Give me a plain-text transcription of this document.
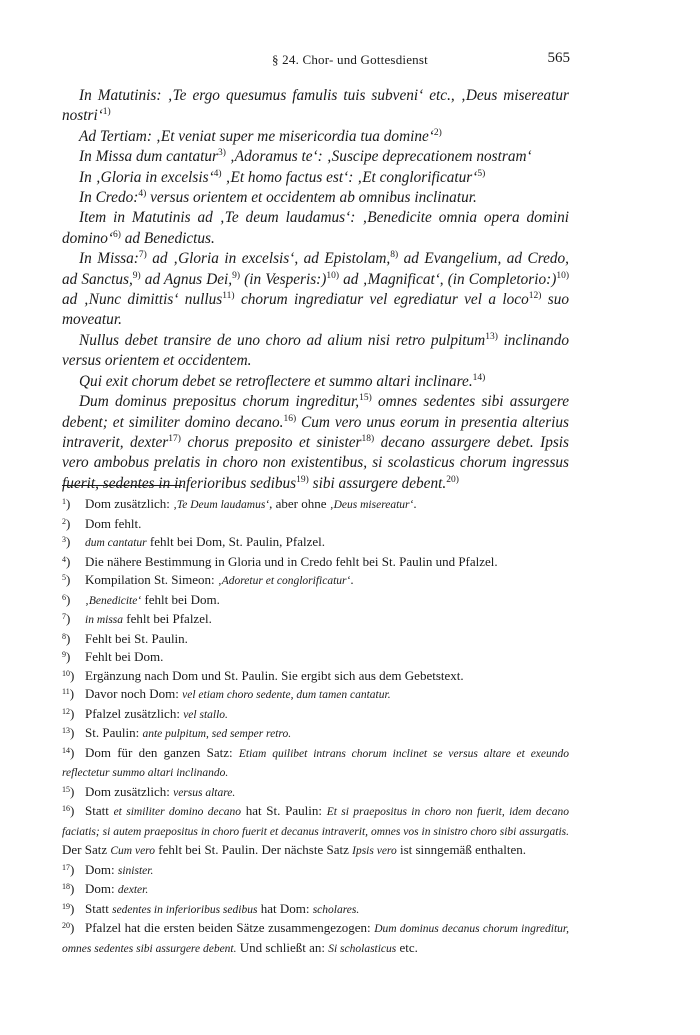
§ 24. Chor- und Gottesdienst	565

In Matutinis: ‚Te ergo quesumus famulis tuis subveni‘ etc., ‚Deus misereatur nostri‘$^{1)}$

Ad Tertiam: ‚Et veniat super me misericordia tua domine‘$^{2)}$

In Missa dum cantatur$^{3)}$ ‚Adoramus te‘: ‚Suscipe deprecationem nostram‘

In ‚Gloria in excelsis‘$^{4)}$ ‚Et homo factus est‘: ‚Et conglorificatur‘$^{5)}$

In Credo:$^{4)}$ versus orientem et occidentem ab omnibus inclinatur.

Item in Matutinis ad ‚Te deum laudamus‘: ‚Benedicite omnia opera domini domino‘$^{6)}$ ad Benedictus.

In Missa:$^{7)}$ ad ‚Gloria in excelsis‘, ad Epistolam,$^{8)}$ ad Evangelium, ad Credo, ad Sanctus,$^{9)}$ ad Agnus Dei,$^{9)}$ (in Vesperis:)$^{10)}$ ad ‚Magnificat‘, (in Completorio:)$^{10)}$ ad ‚Nunc dimittis‘ nullus$^{11)}$ chorum ingrediatur vel egrediatur vel a loco$^{12)}$ suo moveatur.

Nullus debet transire de uno choro ad alium nisi retro pulpitum$^{13)}$ inclinando versus orientem et occidentem.

Qui exit chorum debet se retroflectere et summo altari inclinare.$^{14)}$

Dum dominus prepositus chorum ingreditur,$^{15)}$ omnes sedentes sibi assurgere debent; et similiter domino decano.$^{16)}$ Cum vero unus eorum in presentia alterius intraverit, dexter$^{17)}$ chorus preposito et sinister$^{18)}$ decano assurgere debet. Ipsis vero ambobus prelatis in choro non existentibus, si scolasticus chorum ingressus fuerit, sedentes in inferioribus sedibus$^{19)}$ sibi assurgere debent.$^{20)}$

$^1$)	Dom zusätzlich: ‚Te Deum laudamus‘, aber ohne ‚Deus misereatur‘.

$^2$)	Dom fehlt.

$^3$)	dum cantatur fehlt bei Dom, St. Paulin, Pfalzel.

$^4$)	Die nähere Bestimmung in Gloria und in Credo fehlt bei St. Paulin und Pfalzel.

$^5$)	Kompilation St. Simeon: ‚Adoretur et conglorificatur‘.

$^6$)	‚Benedicite‘ fehlt bei Dom.

$^7$)	in missa fehlt bei Pfalzel.

$^8$)	Fehlt bei St. Paulin.

$^9$)	Fehlt bei Dom.

$^{10}$) Ergänzung nach Dom und St. Paulin. Sie ergibt sich aus dem Gebetstext.

$^{11}$) Davor noch Dom: vel etiam choro sedente, dum tamen cantatur.

$^{12}$) Pfalzel zusätzlich: vel stallo.

$^{13}$) St. Paulin: ante pulpitum, sed semper retro.

$^{14}$) Dom für den ganzen Satz: Etiam quilibet intrans chorum inclinet se versus altare et exeundo reflectetur summo altari inclinando.

$^{15}$) Dom zusätzlich: versus altare.

$^{16}$) Statt et similiter domino decano hat St. Paulin: Et si praepositus in choro non fuerit, idem decano faciatis; si autem praepositus in choro fuerit et decanus intraverit, omnes vos in sinistro choro sibi assurgatis. Der Satz Cum vero fehlt bei St. Paulin. Der nächste Satz Ipsis vero ist sinngemäß enthalten.

$^{17}$) Dom: sinister.

$^{18}$) Dom: dexter.

$^{19}$) Statt sedentes in inferioribus sedibus hat Dom: scholares.

$^{20}$) Pfalzel hat die ersten beiden Sätze zusammengezogen: Dum dominus decanus chorum ingreditur, omnes sedentes sibi assurgere debent. Und schließt an: Si scholasticus etc.
